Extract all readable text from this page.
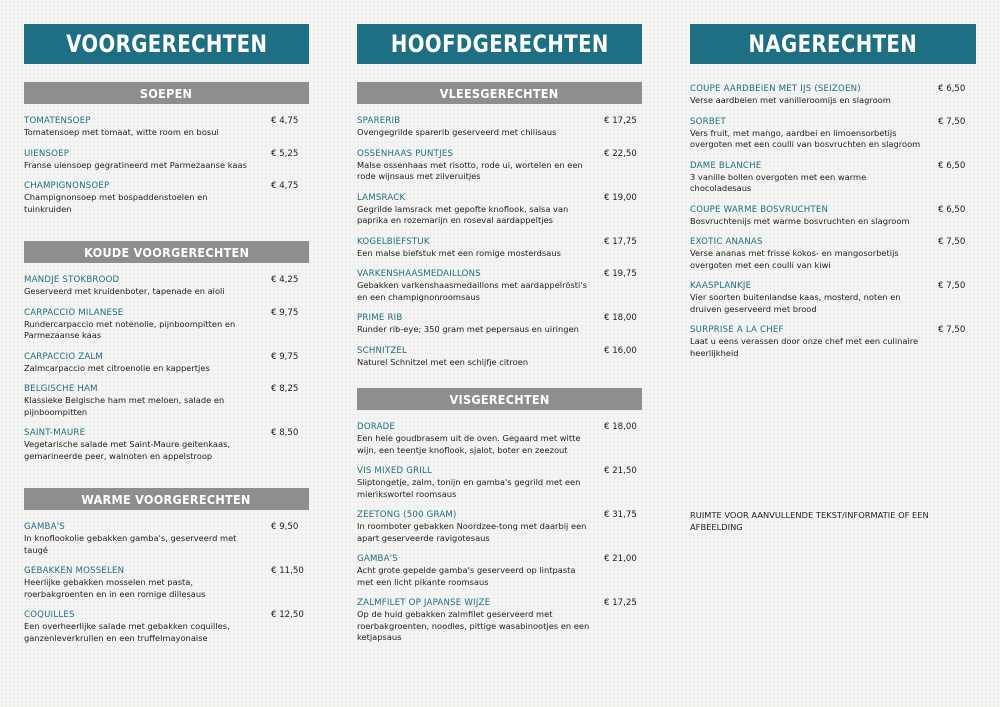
VOORGERECHTEN
SOEPEN
TOMATENSOEP
Tomatensoep met tomaat, witte room en bosui
€ 4,75
UIENSOEP
Franse uiensoep gegratineerd met Parmezaanse kaas
€ 5,25
CHAMPIGNONSOEP
Champignonsoep met bospaddenstoelen en tuinkruiden
€ 4,75
KOUDE VOORGERECHTEN
MANDJE STOKBROOD
Geserveerd met kruidenboter, tapenade en aioli
€ 4,25
CARPACCIO MILANESE
Rundercarpaccio met notenolie, pijnboompitten en Parmezaanse kaas
€ 9,75
CARPACCIO ZALM
Zalmcarpaccio met citroenolie en kappertjes
€ 9,75
BELGISCHE HAM
Klassieke Belgische ham met meloen, salade en pijnboompitten
€ 8,25
SAINT-MAURE
Vegetarische salade met Saint-Maure geitenkaas, gemarineerde peer, walnoten en appelstroop
€ 8,50
WARME VOORGERECHTEN
GAMBA'S
In knoflookolie gebakken gamba's, geserveerd met taugé
€ 9,50
GEBAKKEN MOSSELEN
Heerlijke gebakken mosselen met pasta, roerbakgroenten en in een romige dillesaus
€ 11,50
COQUILLES
Een overheerlijke salade met gebakken coquilles, ganzenleverkrullen en een truffelmayonaise
€ 12,50
HOOFDGERECHTEN
VLEESGERECHTEN
SPARERIB
Ovengegrilde sparerib geserveerd met chilisaus
€ 17,25
OSSENHAAS PUNTJES
Malse ossenhaas met risotto, rode ui, wortelen en een rode wijnsaus met zilveruitjes
€ 22,50
LAMSRACK
Gegrilde lamsrack met gepofte knoflook, salsa van paprika en rozemarijn en roseval aardappeltjes
€ 19,00
KOGELBIEFSTUK
Een malse biefstuk met een romige mosterdsaus
€ 17,75
VARKENSHAASMEDAILLONS
Gebakken varkenshaasmedaillons met aardappelrösti's en een champignonroomsaus
€ 19,75
PRIME RIB
Runder rib-eye; 350 gram met pepersaus en uiringen
€ 18,00
SCHNITZEL
Naturel Schnitzel met een schijfje citroen
€ 16,00
VISGERECHTEN
DORADE
Een hele goudbrasem uit de oven. Gegaard met witte wijn, een teentje knoflook, sjalot, boter en zeezout
€ 18,00
VIS MIXED GRILL
Sliptongetje, zalm, tonijn en gamba's gegrild met een mierikswortel roomsaus
€ 21,50
ZEETONG (500 GRAM)
In roomboter gebakken Noordzee-tong met daarbij een apart geserveerde ravigotesaus
€ 31,75
GAMBA'S
Acht grote gepelde gamba's geserveerd op lintpasta met een licht pikante roomsaus
€ 21,00
ZALMFILET OP JAPANSE WIJZE
Op de huid gebakken zalmfilet geserveerd met roerbakgroenten, noodles, pittige wasabinootjes en een ketjapsaus
€ 17,25
NAGERECHTEN
COUPE AARDBEIEN MET IJS (SEIZOEN)
Verse aardbeien met vanilleroomijs en slagroom
€ 6,50
SORBET
Vers fruit, met mango, aardbei en limoensorbetijs overgoten met een coulli van bosvruchten en slagroom
€ 7,50
DAME BLANCHE
3 vanille bollen overgoten met een warme chocoladesaus
€ 6,50
COUPE WARME BOSVRUCHTEN
Bosvruchtenijs met warme bosvruchten en slagroom
€ 6,50
EXOTIC ANANAS
Verse ananas met frisse kokos- en mangosorbetijs overgoten met een coulli van kiwi
€ 7,50
KAASPLANKJE
Vier soorten buitenlandse kaas, mosterd, noten en druiven geserveerd met brood
€ 7,50
SURPRISE A LA CHEF
Laat u eens verassen door onze chef met een culinaire heerlijkheid
€ 7,50
RUIMTE VOOR AANVULLENDE TEKST/INFORMATIE OF EEN AFBEELDING
